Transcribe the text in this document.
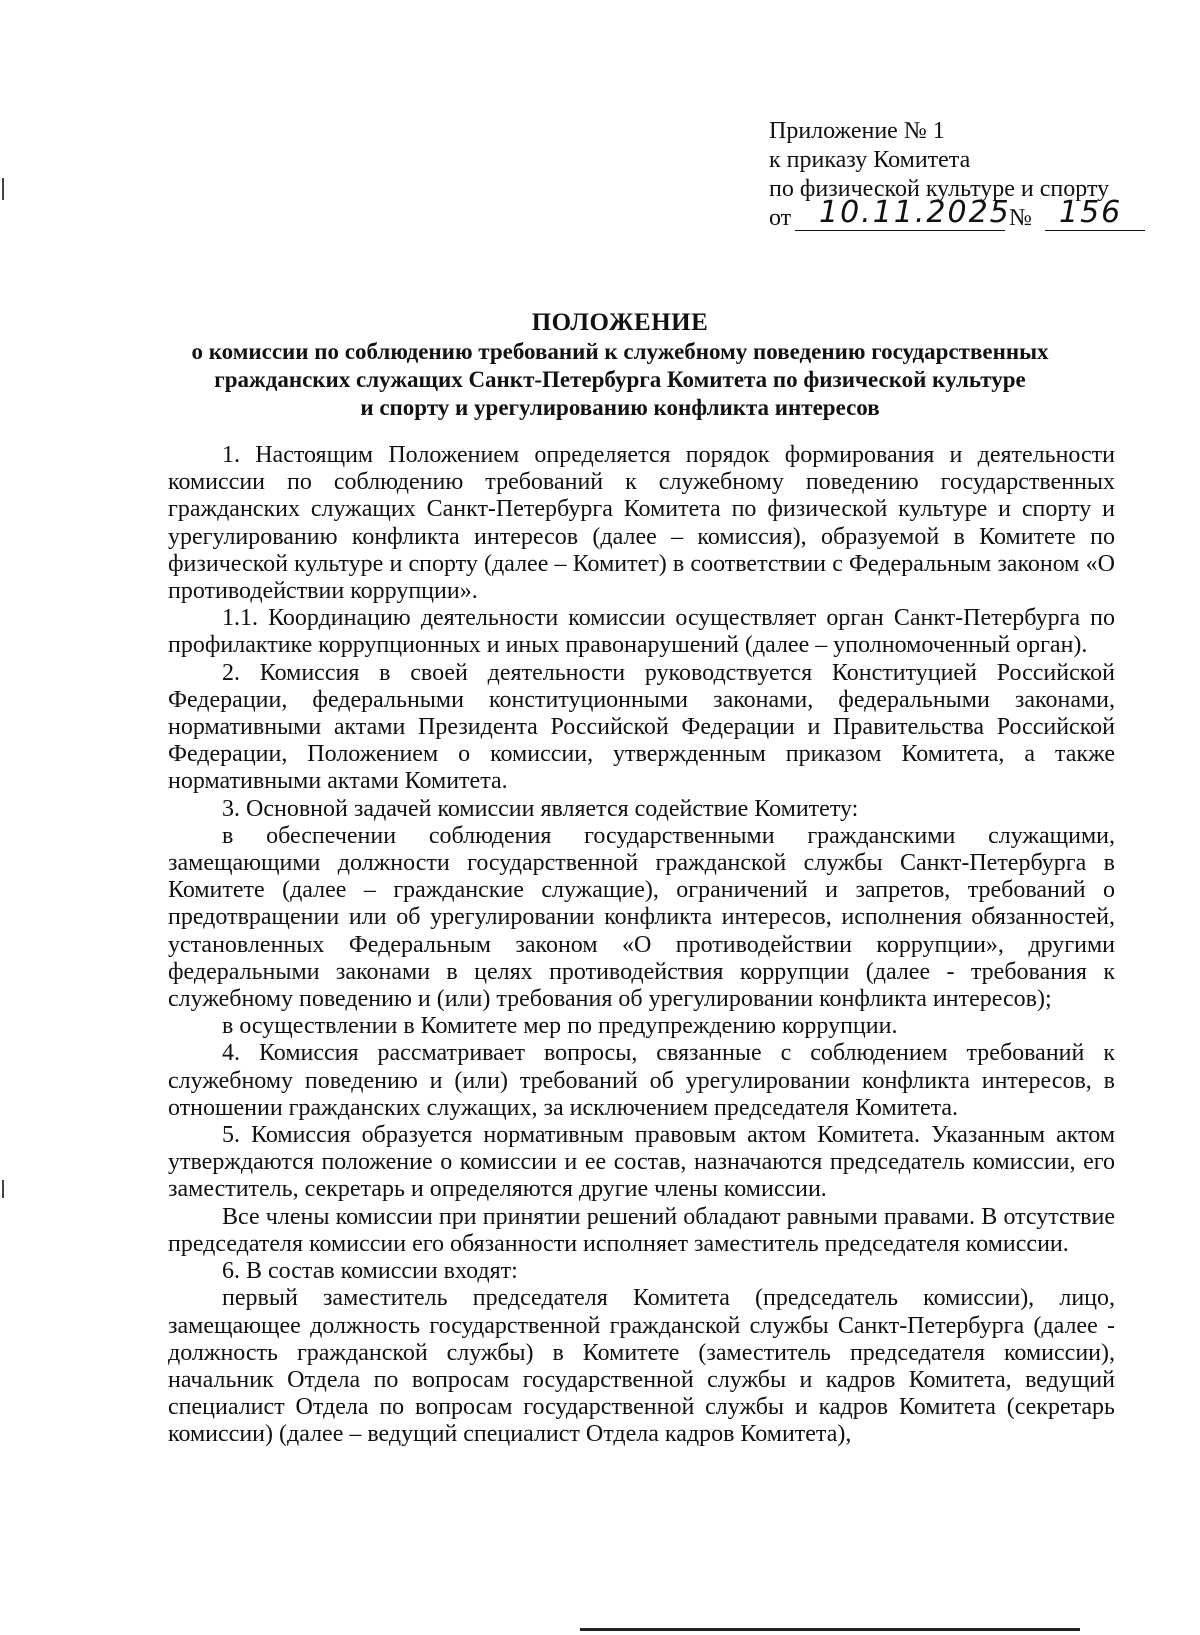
Приложение № 1
к приказу Комитета
по физической культуре и спорту
от 10.11.2025
№ 156
ПОЛОЖЕНИЕ
о комиссии по соблюдению требований к служебному поведению государственных
гражданских служащих Санкт-Петербурга Комитета по физической культуре
и спорту и урегулированию конфликта интересов

1. Настоящим Положением определяется порядок формирования и деятельности комиссии по соблюдению требований к служебному поведению государственных гражданских служащих Санкт-Петербурга Комитета по физической культуре и спорту и урегулированию конфликта интересов (далее – комиссия), образуемой в Комитете по физической культуре и спорту (далее – Комитет) в соответствии с Федеральным законом «О противодействии коррупции».

1.1. Координацию деятельности комиссии осуществляет орган Санкт-Петербурга по профилактике коррупционных и иных правонарушений (далее – уполномоченный орган).

2. Комиссия в своей деятельности руководствуется Конституцией Российской Федерации, федеральными конституционными законами, федеральными законами, нормативными актами Президента Российской Федерации и Правительства Российской Федерации, Положением о комиссии, утвержденным приказом Комитета, а также нормативными актами Комитета.

3. Основной задачей комиссии является содействие Комитету:

в обеспечении соблюдения государственными гражданскими служащими, замещающими должности государственной гражданской службы Санкт-Петербурга в Комитете (далее – гражданские служащие), ограничений и запретов, требований о предотвращении или об урегулировании конфликта интересов, исполнения обязанностей, установленных Федеральным законом «О противодействии коррупции», другими федеральными законами в целях противодействия коррупции (далее - требования к служебному поведению и (или) требования об урегулировании конфликта интересов);

в осуществлении в Комитете мер по предупреждению коррупции.

4. Комиссия рассматривает вопросы, связанные с соблюдением требований к служебному поведению и (или) требований об урегулировании конфликта интересов, в отношении гражданских служащих, за исключением председателя Комитета.

5. Комиссия образуется нормативным правовым актом Комитета. Указанным актом утверждаются положение о комиссии и ее состав, назначаются председатель комиссии, его заместитель, секретарь и определяются другие члены комиссии.

Все члены комиссии при принятии решений обладают равными правами. В отсутствие председателя комиссии его обязанности исполняет заместитель председателя комиссии.

6. В состав комиссии входят:

первый заместитель председателя Комитета (председатель комиссии), лицо, замещающее должность государственной гражданской службы Санкт-Петербурга (далее - должность гражданской службы) в Комитете (заместитель председателя комиссии), начальник Отдела по вопросам государственной службы и кадров Комитета, ведущий специалист Отдела по вопросам государственной службы и кадров Комитета (секретарь комиссии) (далее – ведущий специалист Отдела кадров Комитета),
